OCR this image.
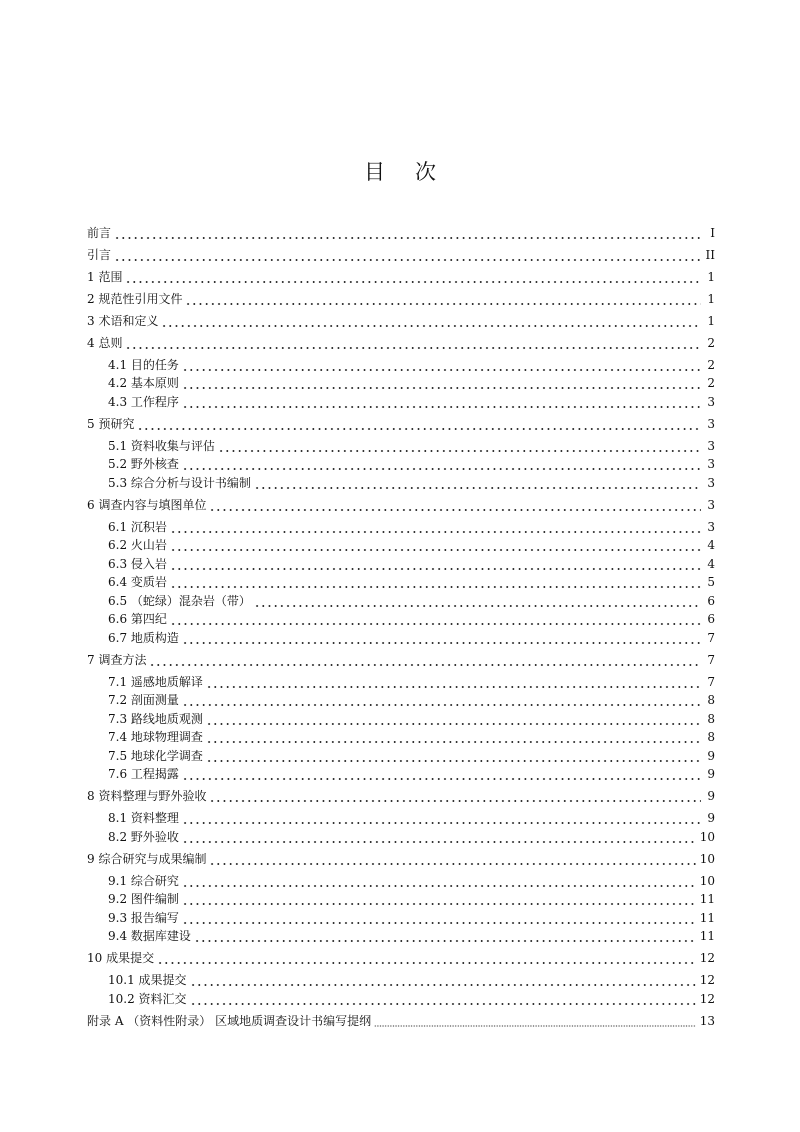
目次
前言	I
引言	II
1 范围	1
2 规范性引用文件	1
3 术语和定义	1
4 总则	2
4.1 目的任务	2
4.2 基本原则	2
4.3 工作程序	3
5 预研究	3
5.1 资料收集与评估	3
5.2 野外核查	3
5.3 综合分析与设计书编制	3
6 调查内容与填图单位	3
6.1 沉积岩	3
6.2 火山岩	4
6.3 侵入岩	4
6.4 变质岩	5
6.5 （蛇绿）混杂岩（带）	6
6.6 第四纪	6
6.7 地质构造	7
7 调查方法	7
7.1 遥感地质解译	7
7.2 剖面测量	8
7.3 路线地质观测	8
7.4 地球物理调查	8
7.5 地球化学调查	9
7.6 工程揭露	9
8 资料整理与野外验收	9
8.1 资料整理	9
8.2 野外验收	10
9 综合研究与成果编制	10
9.1 综合研究	10
9.2 图件编制	11
9.3 报告编写	11
9.4 数据库建设	11
10 成果提交	12
10.1 成果提交	12
10.2 资料汇交	12
附录 A （资料性附录） 区域地质调查设计书编写提纲	13
